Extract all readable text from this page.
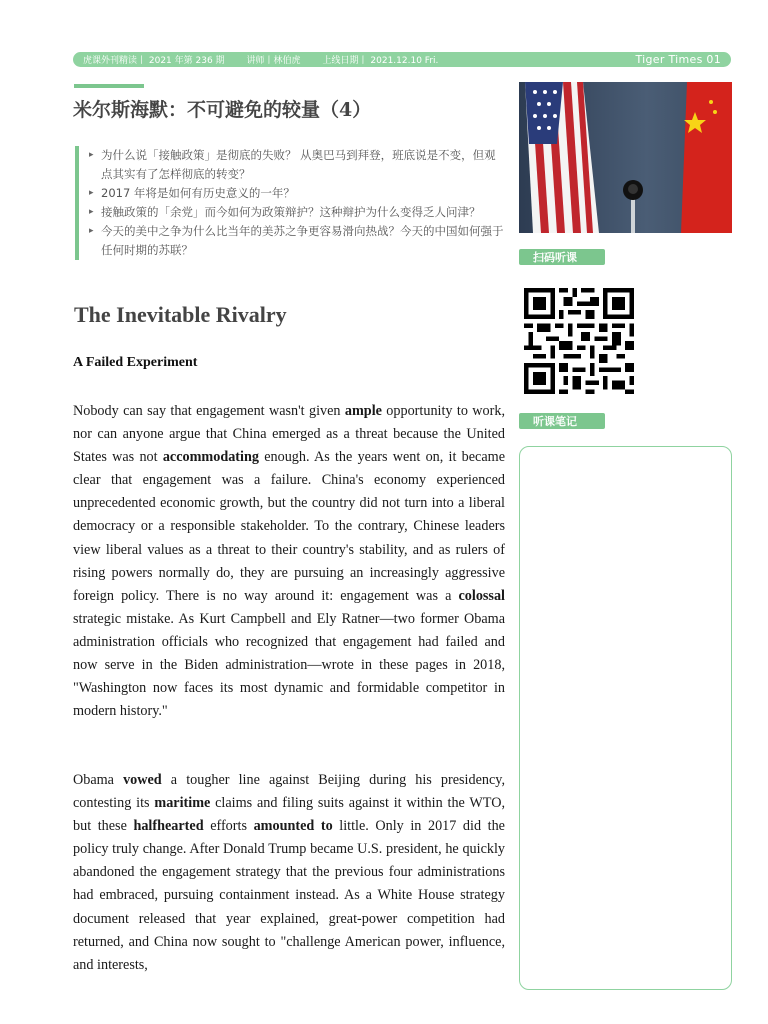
虎课外刊精读丨 2021 年第 236 期 讲师丨林伯虎 上线日期丨 2021.12.10 Fri.	Tiger Times 01
米尔斯海默：不可避免的较量（4）
▸ 为什么说「接触政策」是彻底的失败？ 从奥巴马到拜登，班底说是不变，但观点其实有了怎样彻底的转变？
▸ 2017 年将是如何有历史意义的一年？
▸ 接触政策的「余党」而今如何为政策辩护？这种辩护为什么变得乏人问津？
▸ 今天的美中之争为什么比当年的美苏之争更容易滑向热战？今天的中国如何强于任何时期的苏联？
The Inevitable Rivalry
A Failed Experiment

Nobody can say that engagement wasn't given ample opportunity to work, nor can anyone argue that China emerged as a threat because the United States was not accommodating enough. As the years went on, it became clear that engagement was a failure. China's economy experienced unprecedented economic growth, but the country did not turn into a liberal democracy or a responsible stakeholder. To the contrary, Chinese leaders view liberal values as a threat to their country's stability, and as rulers of rising powers normally do, they are pursuing an increasingly aggressive foreign policy. There is no way around it: engagement was a colossal strategic mistake. As Kurt Campbell and Ely Ratner—two former Obama administration officials who recognized that engagement had failed and now serve in the Biden administration—wrote in these pages in 2018, "Washington now faces its most dynamic and formidable competitor in modern history."

Obama vowed a tougher line against Beijing during his presidency, contesting its maritime claims and filing suits against it within the WTO, but these halfhearted efforts amounted to little. Only in 2017 did the policy truly change. After Donald Trump became U.S. president, he quickly abandoned the engagement strategy that the previous four administrations had embraced, pursuing containment instead. As a White House strategy document released that year explained, great-power competition had returned, and China now sought to "challenge American power, influence, and interests,

扫码听课
听课笔记
